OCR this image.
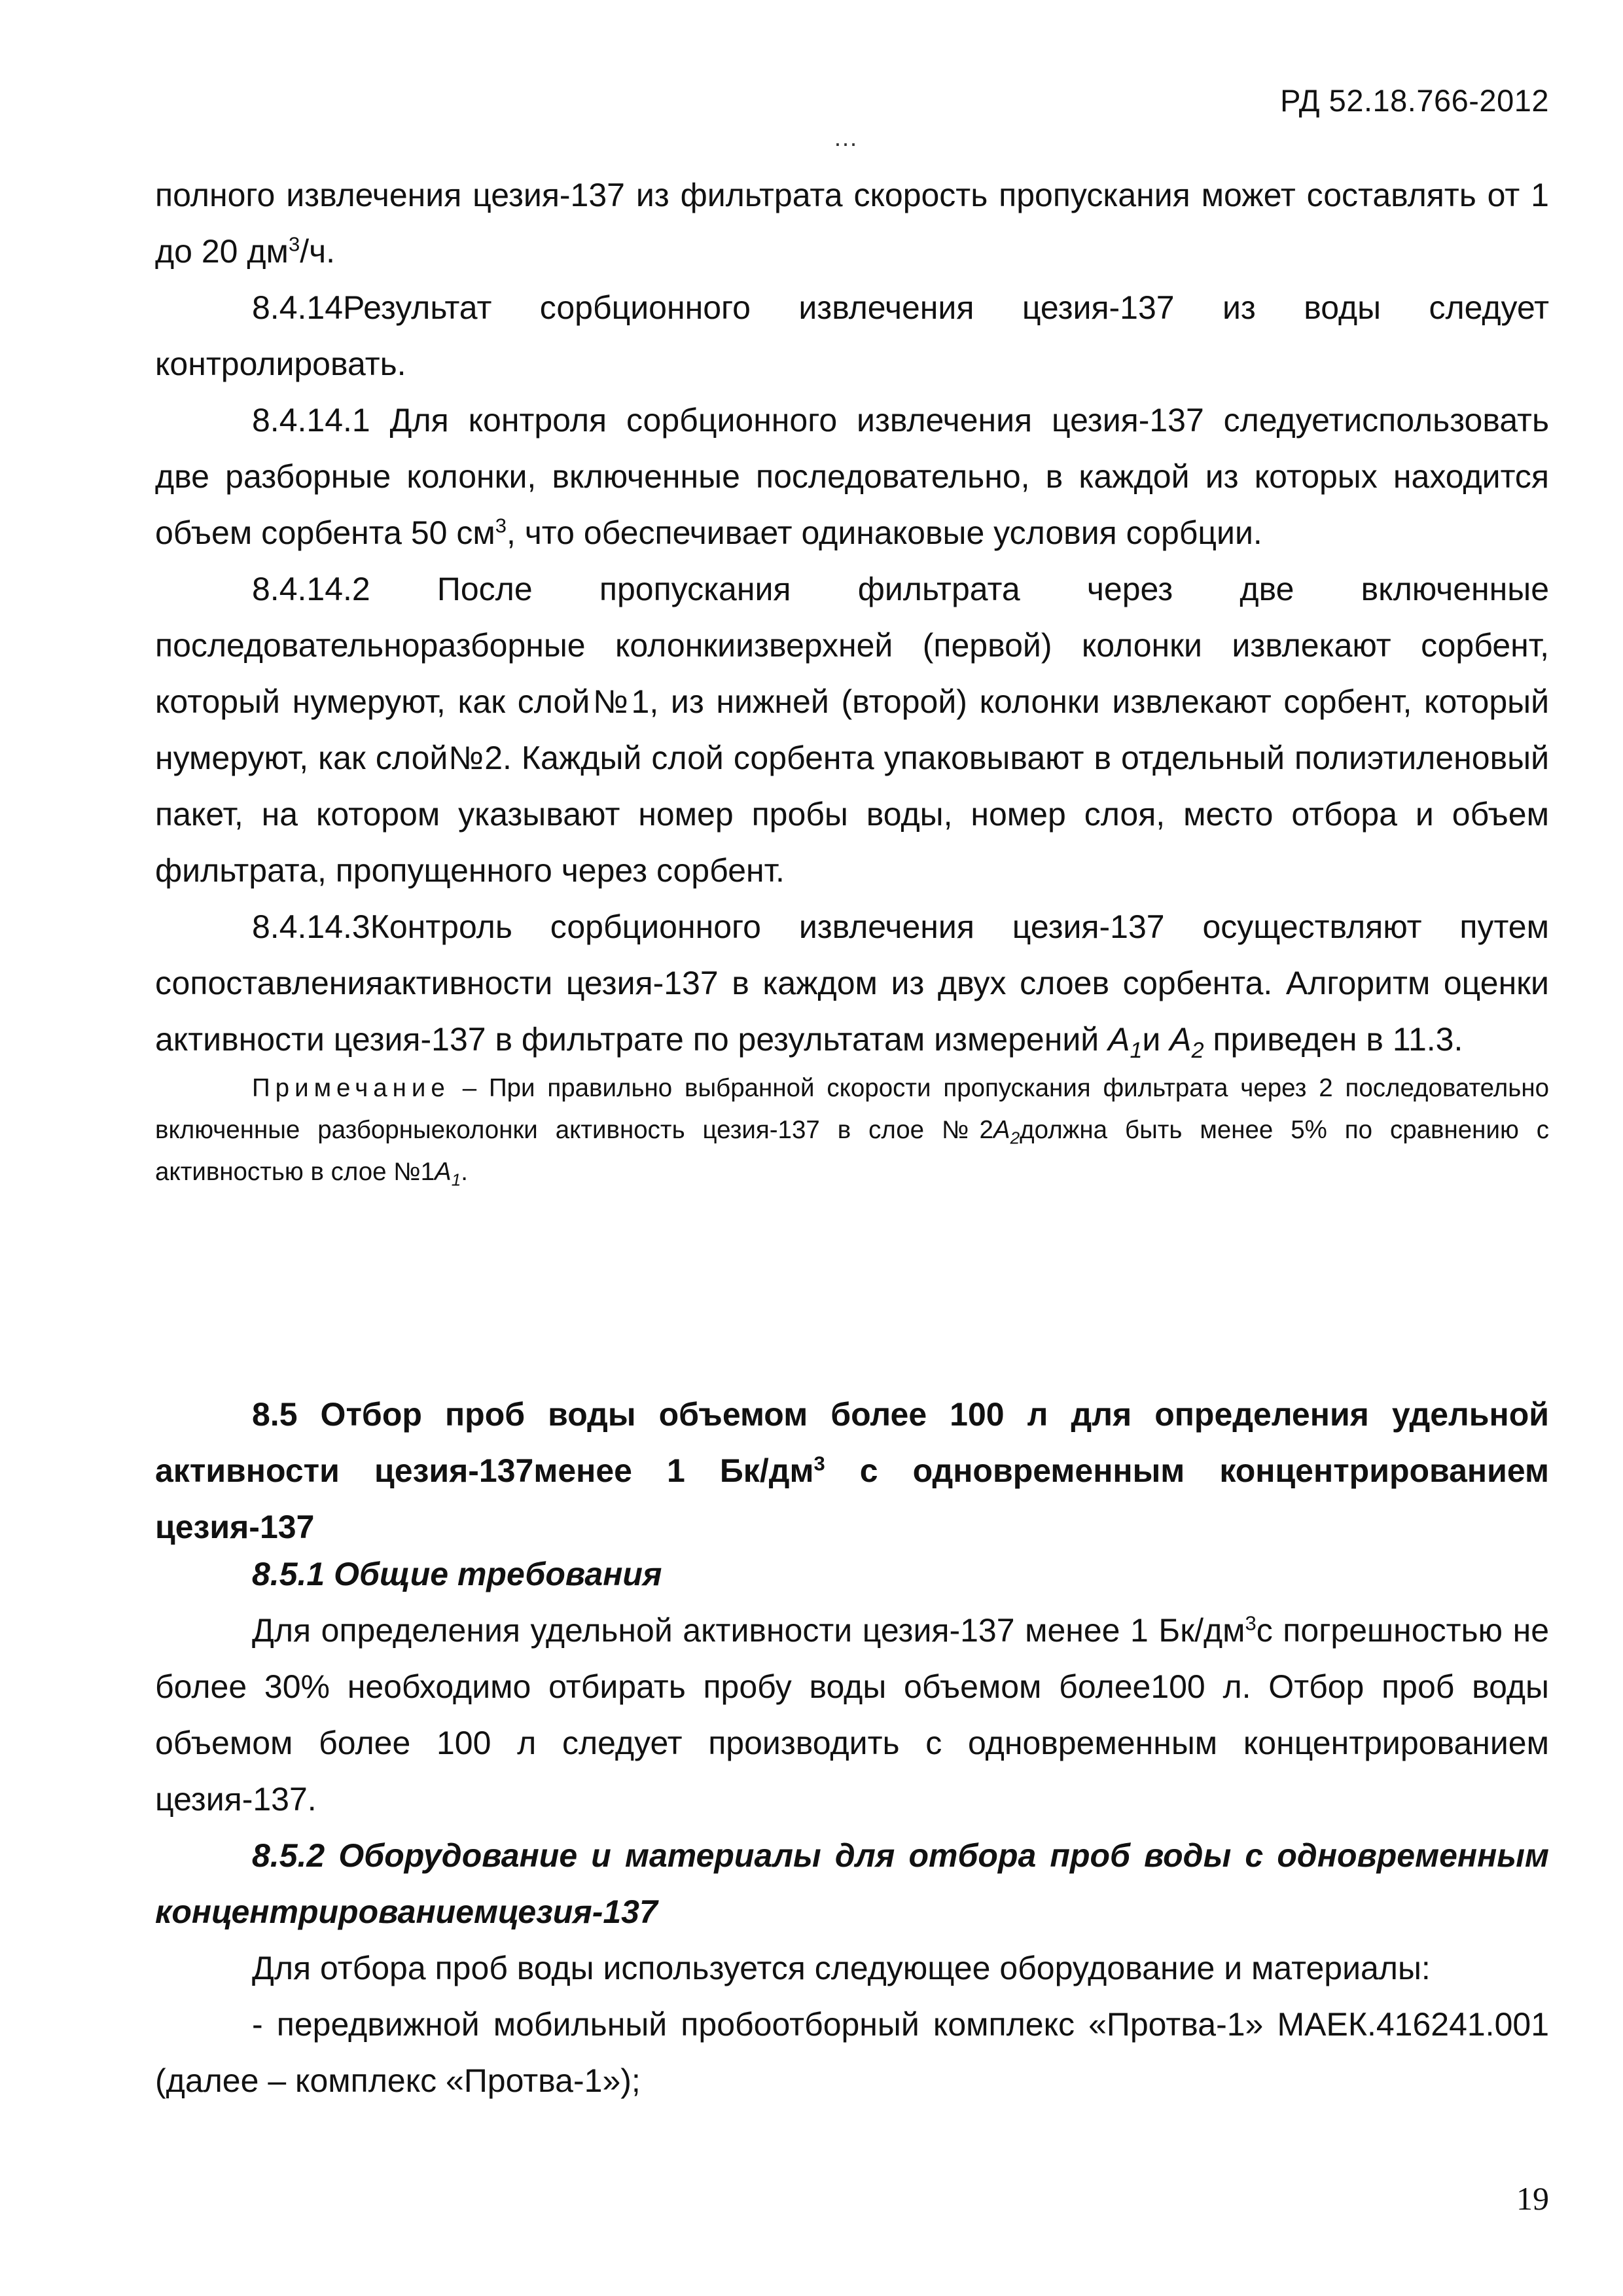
РД 52.18.766-2012
…

полного извлечения цезия-137 из фильтрата скорость пропускания может составлять от 1 до 20 $дм^3/ч$.

8.4.14Результат сорбционного извлечения цезия-137 из воды следует контролировать.

8.4.14.1 Для контроля сорбционного извлечения цезия-137 следуетиспользовать две разборные колонки, включенные последовательно, в каждой из которых находится объем сорбента 50 $см^3$, что обеспечивает одинаковые условия сорбции.

8.4.14.2 После пропускания фильтрата через две включенные последовательноразборные колонкиизверхней (первой) колонки извлекают сорбент, который нумеруют, как слой№1, из нижней (второй) колонки извлекают сорбент, который нумеруют, как слой№2. Каждый слой сорбента упаковывают в отдельный полиэтиленовый пакет, на котором указывают номер пробы воды, номер слоя, место отбора и объем фильтрата, пропущенного через сорбент.

8.4.14.3Контроль сорбционного извлечения цезия-137 осуществляют путем сопоставленияактивности цезия-137 в каждом из двух слоев сорбента. Алгоритм оценки активности цезия-137 в фильтрате по результатам измерений $A_1и$ $A_2$ приведен в 11.3.

Примечание – При правильно выбранной скорости пропускания фильтрата через 2 последовательно включенные разборныеколонки активность цезия-137 в слое $№2A_2должна$ быть менее 5% по сравнению с активностью в слое $№1A_1$.

8.5 Отбор проб воды объемом более 100 л для определения удельной активности цезия-137менее 1 $Бк/дм^3$ с одновременным концентрированием цезия-137

8.5.1 Общие требования

Для определения удельной активности цезия-137 менее 1 $Бк/дм^3с$ погрешностью не более 30% необходимо отбирать пробу воды объемом более100 л. Отбор проб воды объемом более 100 л следует производить с одновременным концентрированием цезия-137.

8.5.2 Оборудование и материалы для отбора проб воды с одновременным концентрированиемцезия-137

Для отбора проб воды используется следующее оборудование и материалы:

- передвижной мобильный пробоотборный комплекс «Протва-1» МАЕК.416241.001 (далее – комплекс «Протва-1»);

19
